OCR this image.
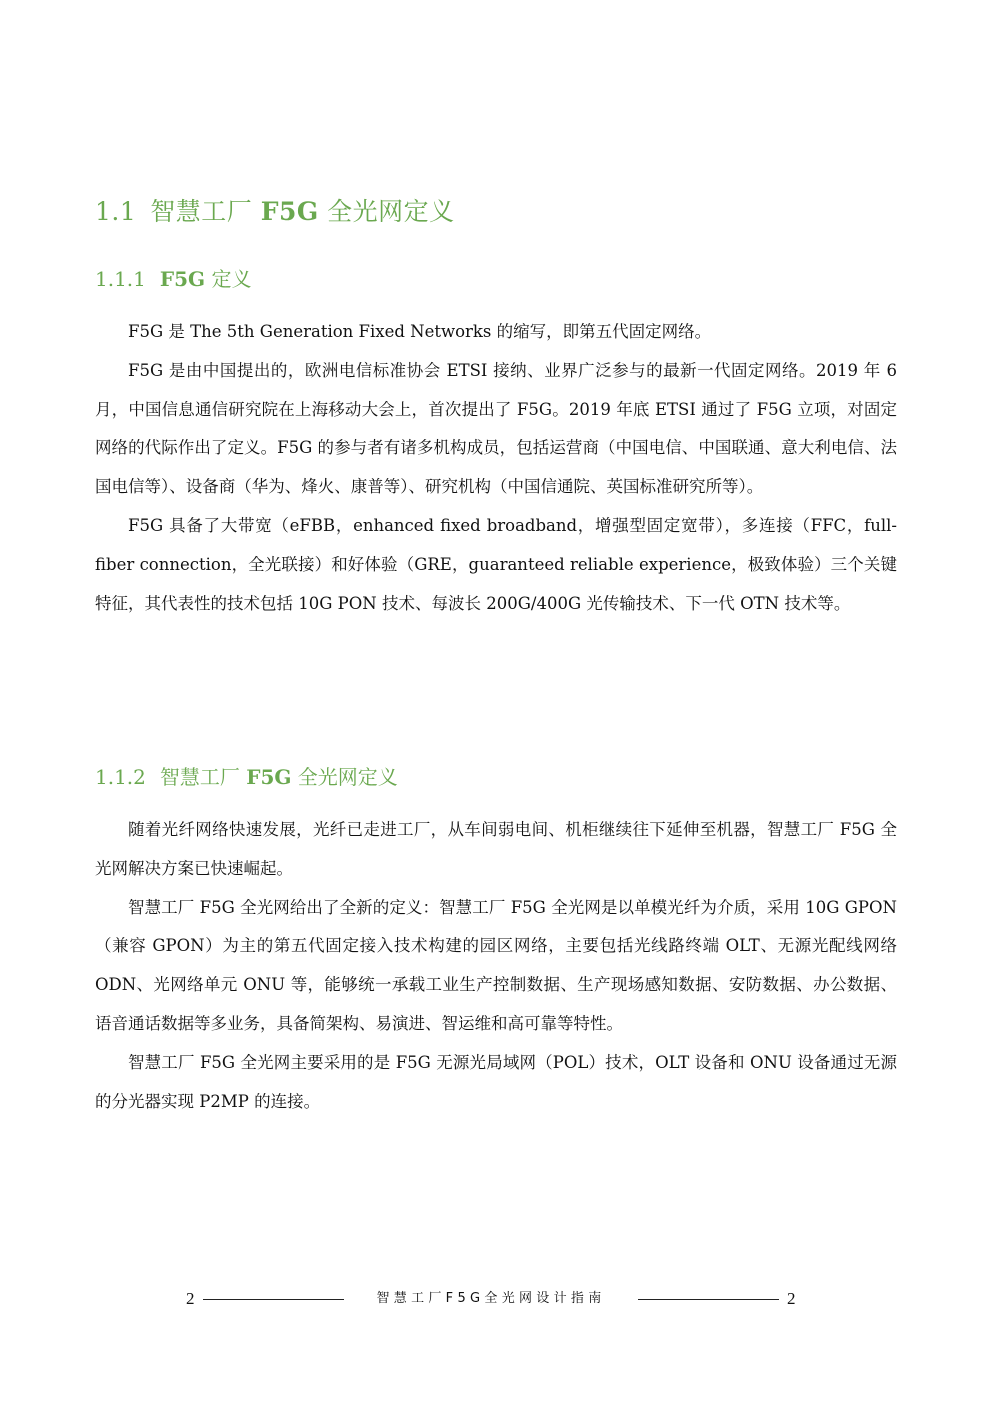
1.1 智慧工厂 F5G 全光网定义
1.1.1 F5G 定义

F5G 是 The 5th Generation Fixed Networks 的缩写，即第五代固定网络。

F5G 是由中国提出的，欧洲电信标准协会 ETSI 接纳、业界广泛参与的最新一代固定网络。2019 年 6 月，中国信息通信研究院在上海移动大会上，首次提出了 F5G。2019 年底 ETSI 通过了 F5G 立项，对固定网络的代际作出了定义。F5G 的参与者有诸多机构成员，包括运营商（中国电信、中国联通、意大利电信、法国电信等）、设备商（华为、烽火、康普等）、研究机构（中国信通院、英国标准研究所等）。

F5G 具备了大带宽（eFBB，enhanced fixed broadband，增强型固定宽带），多连接（FFC，full-fiber connection，全光联接）和好体验（GRE，guaranteed reliable experience，极致体验）三个关键特征，其代表性的技术包括 10G PON 技术、每波长 200G/400G 光传输技术、下一代 OTN 技术等。

1.1.2 智慧工厂 F5G 全光网定义

随着光纤网络快速发展，光纤已走进工厂，从车间弱电间、机柜继续往下延伸至机器，智慧工厂 F5G 全光网解决方案已快速崛起。

智慧工厂 F5G 全光网给出了全新的定义：智慧工厂 F5G 全光网是以单模光纤为介质，采用 10G GPON（兼容 GPON）为主的第五代固定接入技术构建的园区网络，主要包括光线路终端 OLT、无源光配线网络 ODN、光网络单元 ONU 等，能够统一承载工业生产控制数据、生产现场感知数据、安防数据、办公数据、语音通话数据等多业务，具备简架构、易演进、智运维和高可靠等特性。

智慧工厂 F5G 全光网主要采用的是 F5G 无源光局域网（POL）技术，OLT 设备和 ONU 设备通过无源的分光器实现 P2MP 的连接。

2	智慧工厂F5G全光网设计指南	2
